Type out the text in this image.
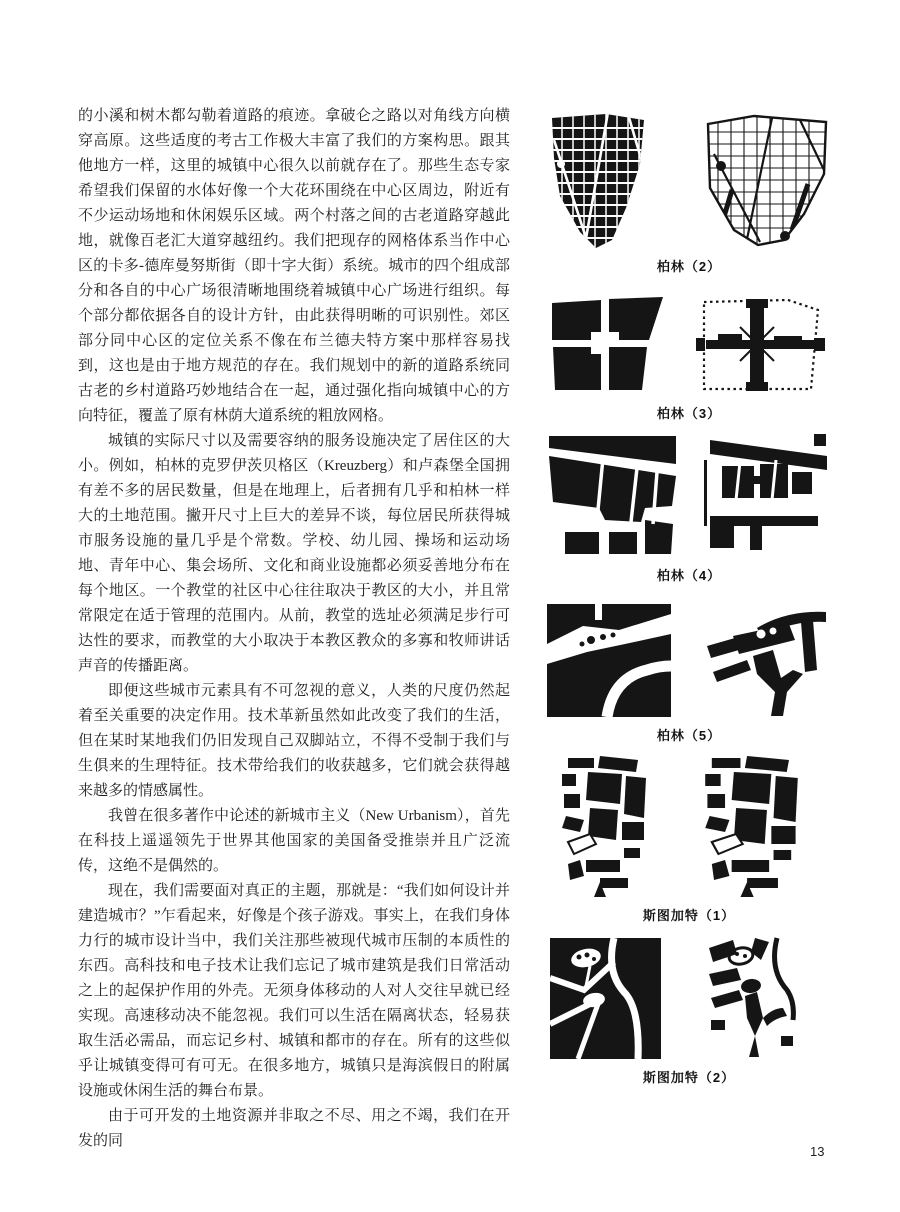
的小溪和树木都勾勒着道路的痕迹。拿破仑之路以对角线方向横穿高原。这些适度的考古工作极大丰富了我们的方案构思。跟其他地方一样，这里的城镇中心很久以前就存在了。那些生态专家希望我们保留的水体好像一个大花环围绕在中心区周边，附近有不少运动场地和休闲娱乐区域。两个村落之间的古老道路穿越此地，就像百老汇大道穿越纽约。我们把现存的网格体系当作中心区的卡多-德库曼努斯街（即十字大街）系统。城市的四个组成部分和各自的中心广场很清晰地围绕着城镇中心广场进行组织。每个部分都依据各自的设计方针，由此获得明晰的可识别性。郊区部分同中心区的定位关系不像在布兰德夫特方案中那样容易找到，这也是由于地方规范的存在。我们规划中的新的道路系统同古老的乡村道路巧妙地结合在一起，通过强化指向城镇中心的方向特征，覆盖了原有林荫大道系统的粗放网格。

城镇的实际尺寸以及需要容纳的服务设施决定了居住区的大小。例如，柏林的克罗伊茨贝格区（Kreuzberg）和卢森堡全国拥有差不多的居民数量，但是在地理上，后者拥有几乎和柏林一样大的土地范围。撇开尺寸上巨大的差异不谈，每位居民所获得城市服务设施的量几乎是个常数。学校、幼儿园、操场和运动场地、青年中心、集会场所、文化和商业设施都必须妥善地分布在每个地区。一个教堂的社区中心往往取决于教区的大小，并且常常限定在适于管理的范围内。从前，教堂的选址必须满足步行可达性的要求，而教堂的大小取决于本教区教众的多寡和牧师讲话声音的传播距离。

即便这些城市元素具有不可忽视的意义，人类的尺度仍然起着至关重要的决定作用。技术革新虽然如此改变了我们的生活，但在某时某地我们仍旧发现自己双脚站立，不得不受制于我们与生俱来的生理特征。技术带给我们的收获越多，它们就会获得越来越多的情感属性。

我曾在很多著作中论述的新城市主义（New Urbanism），首先在科技上遥遥领先于世界其他国家的美国备受推崇并且广泛流传，这绝不是偶然的。

现在，我们需要面对真正的主题，那就是：“我们如何设计并建造城市？”乍看起来，好像是个孩子游戏。事实上，在我们身体力行的城市设计当中，我们关注那些被现代城市压制的本质性的东西。高科技和电子技术让我们忘记了城市建筑是我们日常活动之上的起保护作用的外壳。无须身体移动的人对人交往早就已经实现。高速移动决不能忽视。我们可以生活在隔离状态，轻易获取生活必需品，而忘记乡村、城镇和都市的存在。所有的这些似乎让城镇变得可有可无。在很多地方，城镇只是海滨假日的附属设施或休闲生活的舞台布景。

由于可开发的土地资源并非取之不尽、用之不竭，我们在开发的同

柏林（2）
柏林（3）
柏林（4）
柏林（5）
斯图加特（1）
斯图加特（2）
13
